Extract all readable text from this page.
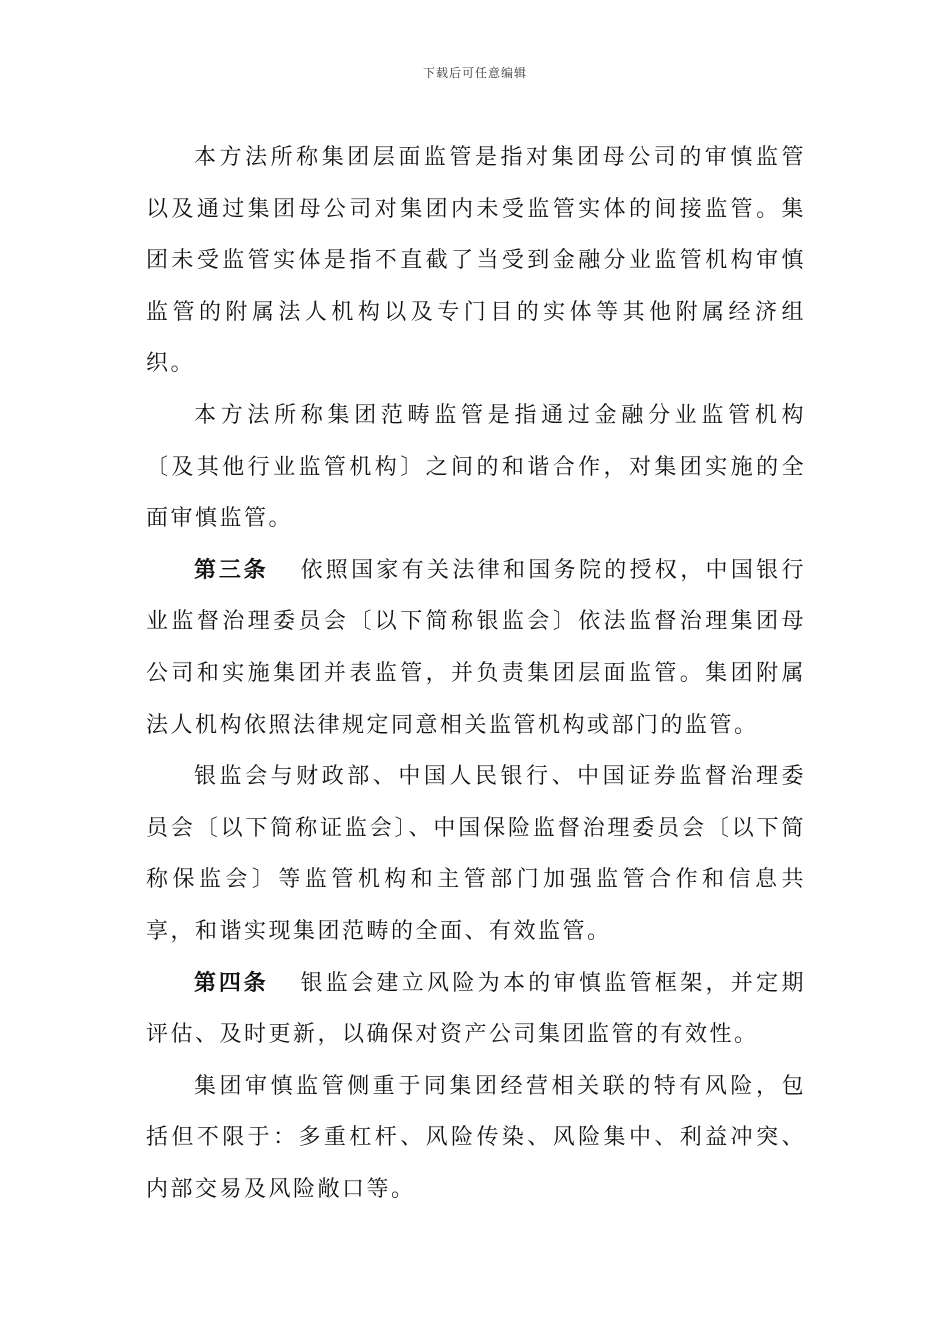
下载后可任意编辑

本方法所称集团层面监管是指对集团母公司的审慎监管以及通过集团母公司对集团内未受监管实体的间接监管。集团未受监管实体是指不直截了当受到金融分业监管机构审慎监管的附属法人机构以及专门目的实体等其他附属经济组织。

本方法所称集团范畴监管是指通过金融分业监管机构〔及其他行业监管机构〕之间的和谐合作，对集团实施的全面审慎监管。

第三条 依照国家有关法律和国务院的授权，中国银行业监督治理委员会〔以下简称银监会〕依法监督治理集团母公司和实施集团并表监管，并负责集团层面监管。集团附属法人机构依照法律规定同意相关监管机构或部门的监管。

银监会与财政部、中国人民银行、中国证券监督治理委员会〔以下简称证监会〕、中国保险监督治理委员会〔以下简称保监会〕等监管机构和主管部门加强监管合作和信息共享，和谐实现集团范畴的全面、有效监管。

第四条 银监会建立风险为本的审慎监管框架，并定期评估、及时更新，以确保对资产公司集团监管的有效性。

集团审慎监管侧重于同集团经营相关联的特有风险，包括但不限于：多重杠杆、风险传染、风险集中、利益冲突、内部交易及风险敞口等。
